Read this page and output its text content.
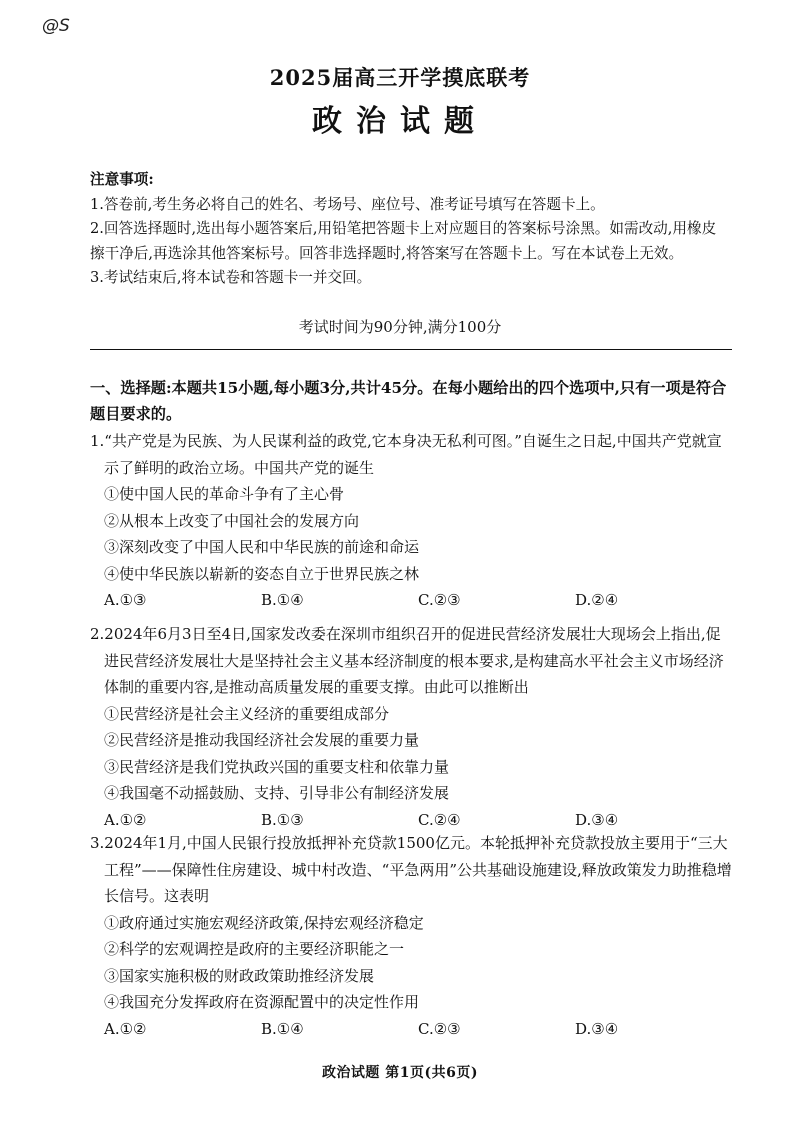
@S
2025届高三开学摸底联考
政治试题

注意事项:

1.答卷前,考生务必将自己的姓名、考场号、座位号、准考证号填写在答题卡上。

2.回答选择题时,选出每小题答案后,用铅笔把答题卡上对应题目的答案标号涂黑。如需改动,用橡皮擦干净后,再选涂其他答案标号。回答非选择题时,将答案写在答题卡上。写在本试卷上无效。

3.考试结束后,将本试卷和答题卡一并交回。

考试时间为90分钟,满分100分
一、选择题:本题共15小题,每小题3分,共计45分。在每小题给出的四个选项中,只有一项是符合题目要求的。

1.“共产党是为民族、为人民谋利益的政党,它本身决无私利可图。”自诞生之日起,中国共产党就宣示了鲜明的政治立场。中国共产党的诞生

①使中国人民的革命斗争有了主心骨

②从根本上改变了中国社会的发展方向

③深刻改变了中国人民和中华民族的前途和命运

④使中华民族以崭新的姿态自立于世界民族之林

A.①③	B.①④	C.②③	D.②④

2.2024年6月3日至4日,国家发改委在深圳市组织召开的促进民营经济发展壮大现场会上指出,促进民营经济发展壮大是坚持社会主义基本经济制度的根本要求,是构建高水平社会主义市场经济体制的重要内容,是推动高质量发展的重要支撑。由此可以推断出

①民营经济是社会主义经济的重要组成部分

②民营经济是推动我国经济社会发展的重要力量

③民营经济是我们党执政兴国的重要支柱和依靠力量

④我国毫不动摇鼓励、支持、引导非公有制经济发展

A.①②	B.①③	C.②④	D.③④

3.2024年1月,中国人民银行投放抵押补充贷款1500亿元。本轮抵押补充贷款投放主要用于“三大工程”——保障性住房建设、城中村改造、“平急两用”公共基础设施建设,释放政策发力助推稳增长信号。这表明

①政府通过实施宏观经济政策,保持宏观经济稳定

②科学的宏观调控是政府的主要经济职能之一

③国家实施积极的财政政策助推经济发展

④我国充分发挥政府在资源配置中的决定性作用

A.①②	B.①④	C.②③	D.③④
政治试题 第1页(共6页)
